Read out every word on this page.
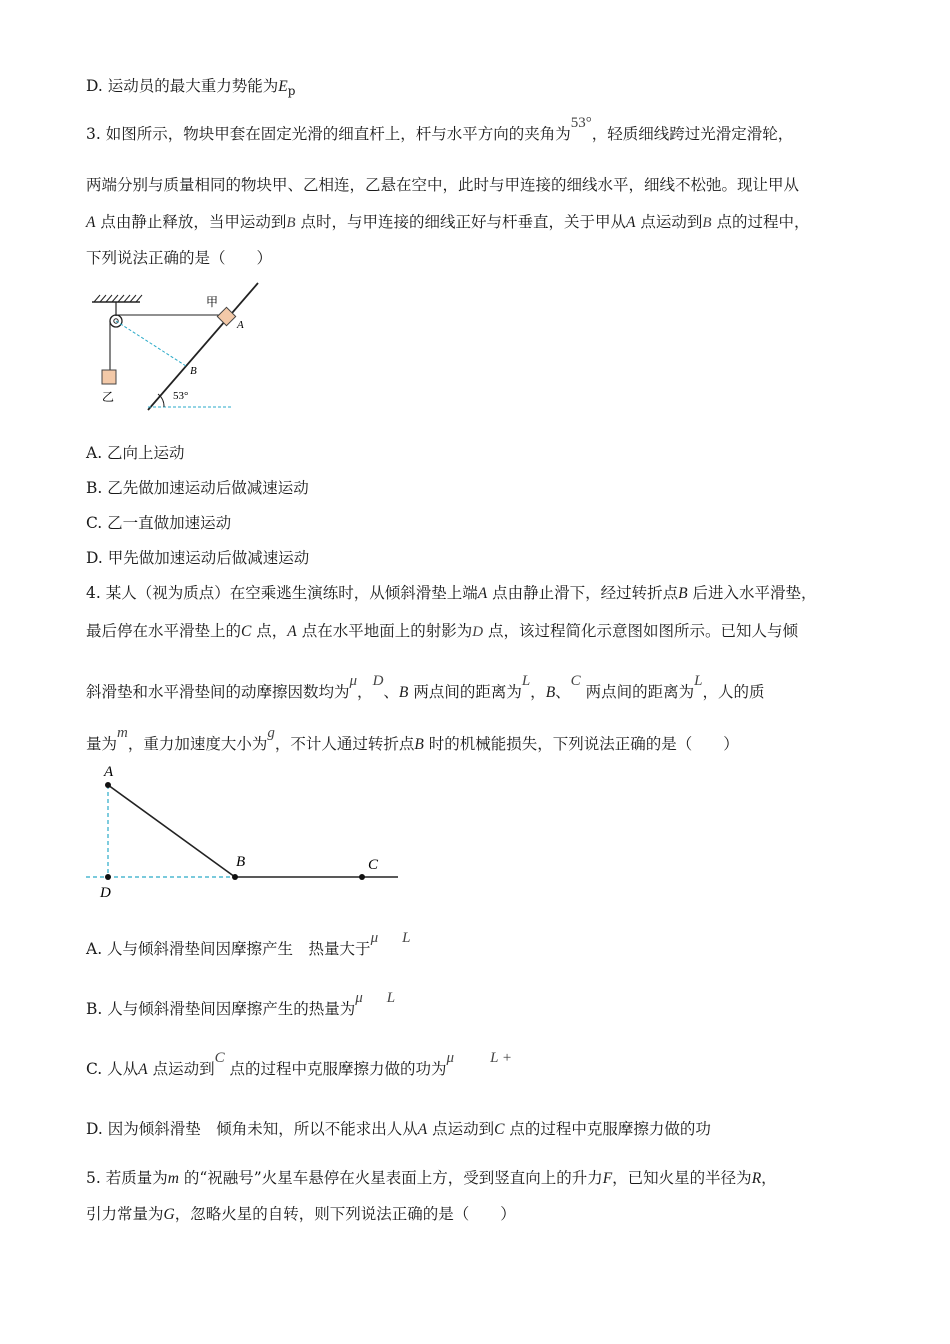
D. 运动员的最大重力势能为$E_p$
3. 如图所示，物块甲套在固定光滑的细直杆上，杆与水平方向的夹角为53°，轻质细线跨过光滑定滑轮，
两端分别与质量相同的物块甲、乙相连，乙悬在空中，此时与甲连接的细线水平，细线不松弛。现让甲从
A 点由静止释放，当甲运动到B 点时，与甲连接的细线正好与杆垂直，关于甲从A 点运动到B 点的过程中，
下列说法正确的是（　　）
乙
甲
A
B
53°
A. 乙向上运动
B. 乙先做加速运动后做减速运动
C. 乙一直做加速运动
D. 甲先做加速运动后做减速运动
4. 某人（视为质点）在空乘逃生演练时，从倾斜滑垫上端A 点由静止滑下，经过转折点B 后进入水平滑垫，
最后停在水平滑垫上的C 点，A 点在水平地面上的射影为D 点，该过程简化示意图如图所示。已知人与倾
斜滑垫和水平滑垫间的动摩擦因数均为μ，D、B 两点间的距离为L，B、C 两点间的距离为L，人的质
量为m，重力加速度大小为g，不计人通过转折点B 时的机械能损失，下列说法正确的是（　　）
A
B	C
D
A. 人与倾斜滑垫间因摩擦产生　热量大于μ L
B. 人与倾斜滑垫间因摩擦产生的热量为μ L
C. 人从A 点运动到C 点的过程中克服摩擦力做的功为μ L +
D. 因为倾斜滑垫　倾角未知，所以不能求出人从A 点运动到C 点的过程中克服摩擦力做的功
5. 若质量为m 的“祝融号”火星车悬停在火星表面上方，受到竖直向上的升力F，已知火星的半径为R，
引力常量为G，忽略火星的自转，则下列说法正确的是（　　）
